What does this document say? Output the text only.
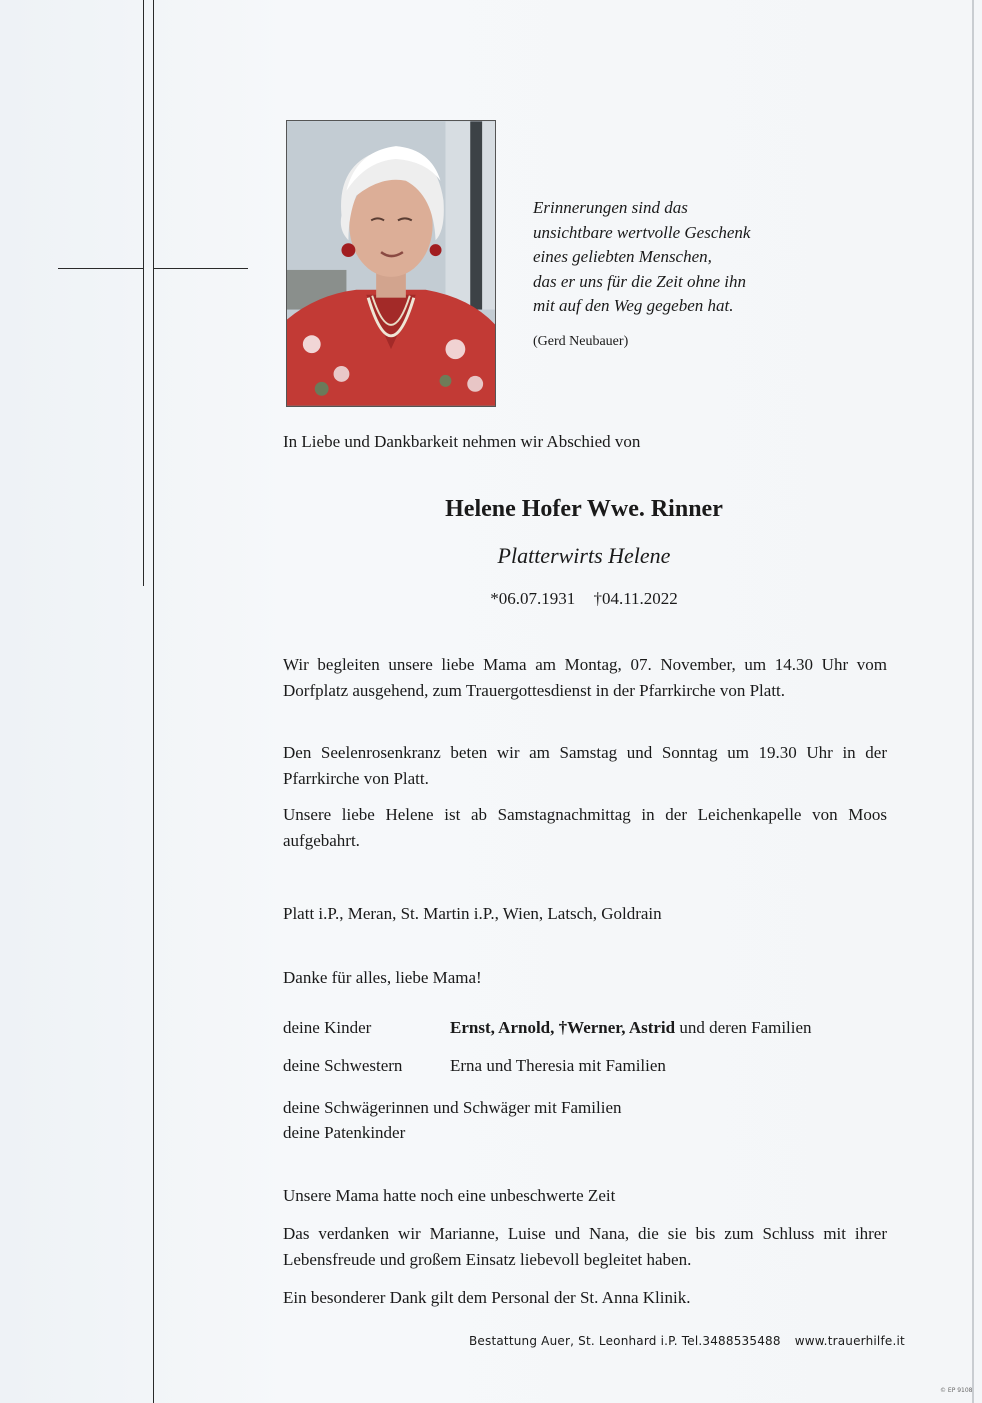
Erinnerungen sind das
unsichtbare wertvolle Geschenk
eines geliebten Menschen,
das er uns für die Zeit ohne ihn
mit auf den Weg gegeben hat.
(Gerd Neubauer)
In Liebe und Dankbarkeit nehmen wir Abschied von
Helene Hofer Wwe. Rinner
Platterwirts Helene
*06.07.1931 †04.11.2022
Wir begleiten unsere liebe Mama am Montag, 07. November, um 14.30 Uhr vom Dorfplatz ausgehend, zum Trauergottesdienst in der Pfarrkirche von Platt.
Den Seelenrosenkranz beten wir am Samstag und Sonntag um 19.30 Uhr in der Pfarrkirche von Platt.
Unsere liebe Helene ist ab Samstagnachmittag in der Leichenkapelle von Moos aufgebahrt.
Platt i.P., Meran, St. Martin i.P., Wien, Latsch, Goldrain
Danke für alles, liebe Mama!
deine Kinder	Ernst, Arnold, †Werner, Astrid und deren Familien
deine Schwestern	Erna und Theresia mit Familien
deine Schwägerinnen und Schwäger mit Familien
deine Patenkinder
Unsere Mama hatte noch eine unbeschwerte Zeit
Das verdanken wir Marianne, Luise und Nana, die sie bis zum Schluss mit ihrer Lebensfreude und großem Einsatz liebevoll begleitet haben.
Ein besonderer Dank gilt dem Personal der St. Anna Klinik.
Bestattung Auer, St. Leonhard i.P. Tel.3488535488 www.trauerhilfe.it
© EP 9108
